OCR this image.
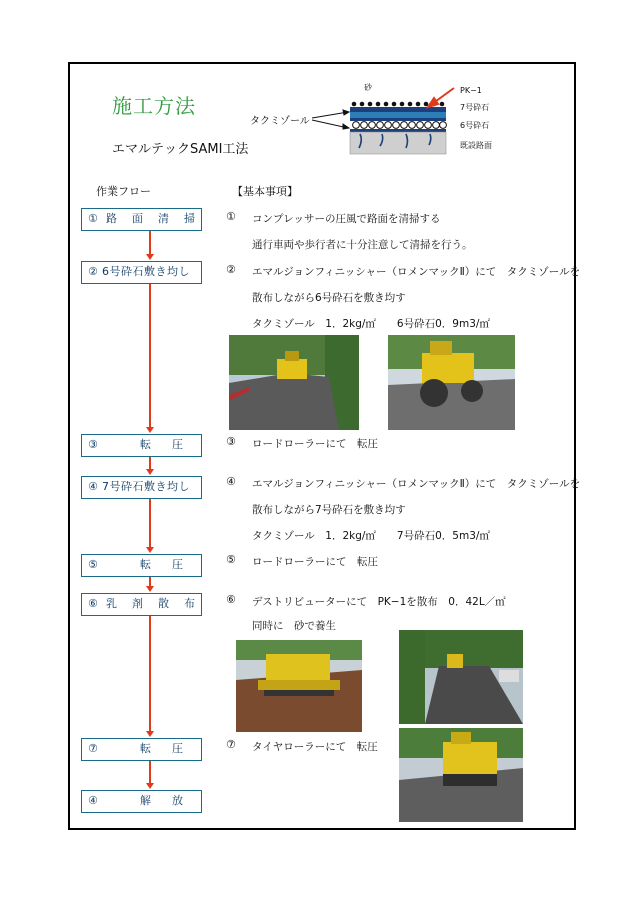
施工方法
エマルテックSAMI工法
砂	PK−1
7号砕石
6号砕石
既設路面
タクミゾール
作業フロー	【基本事項】
① 路面清掃
② 6号砕石敷き均し
③	転圧
④ 7号砕石敷き均し
⑤	転圧
⑥ 乳剤散布
⑦	転圧
④	解放
① コンプレッサーの圧風で路面を清掃する
通行車両や歩行者に十分注意して清掃を行う。
② エマルジョンフィニッシャー（ロメンマックⅡ）にて　タクミゾールを
散布しながら6号砕石を敷き均す
タクミゾール　1．2kg/㎡　　6号砕石0．9m3/㎡
③ ロードローラーにて　転圧
④ エマルジョンフィニッシャー（ロメンマックⅡ）にて　タクミゾールを
散布しながら7号砕石を敷き均す
タクミゾール　1．2kg/㎡　　7号砕石0．5m3/㎡
⑤ ロードローラーにて　転圧
⑥ デストリビューターにて　PK−1を散布　0．42L／㎡
同時に　砂で養生
⑦ タイヤローラーにて　転圧
